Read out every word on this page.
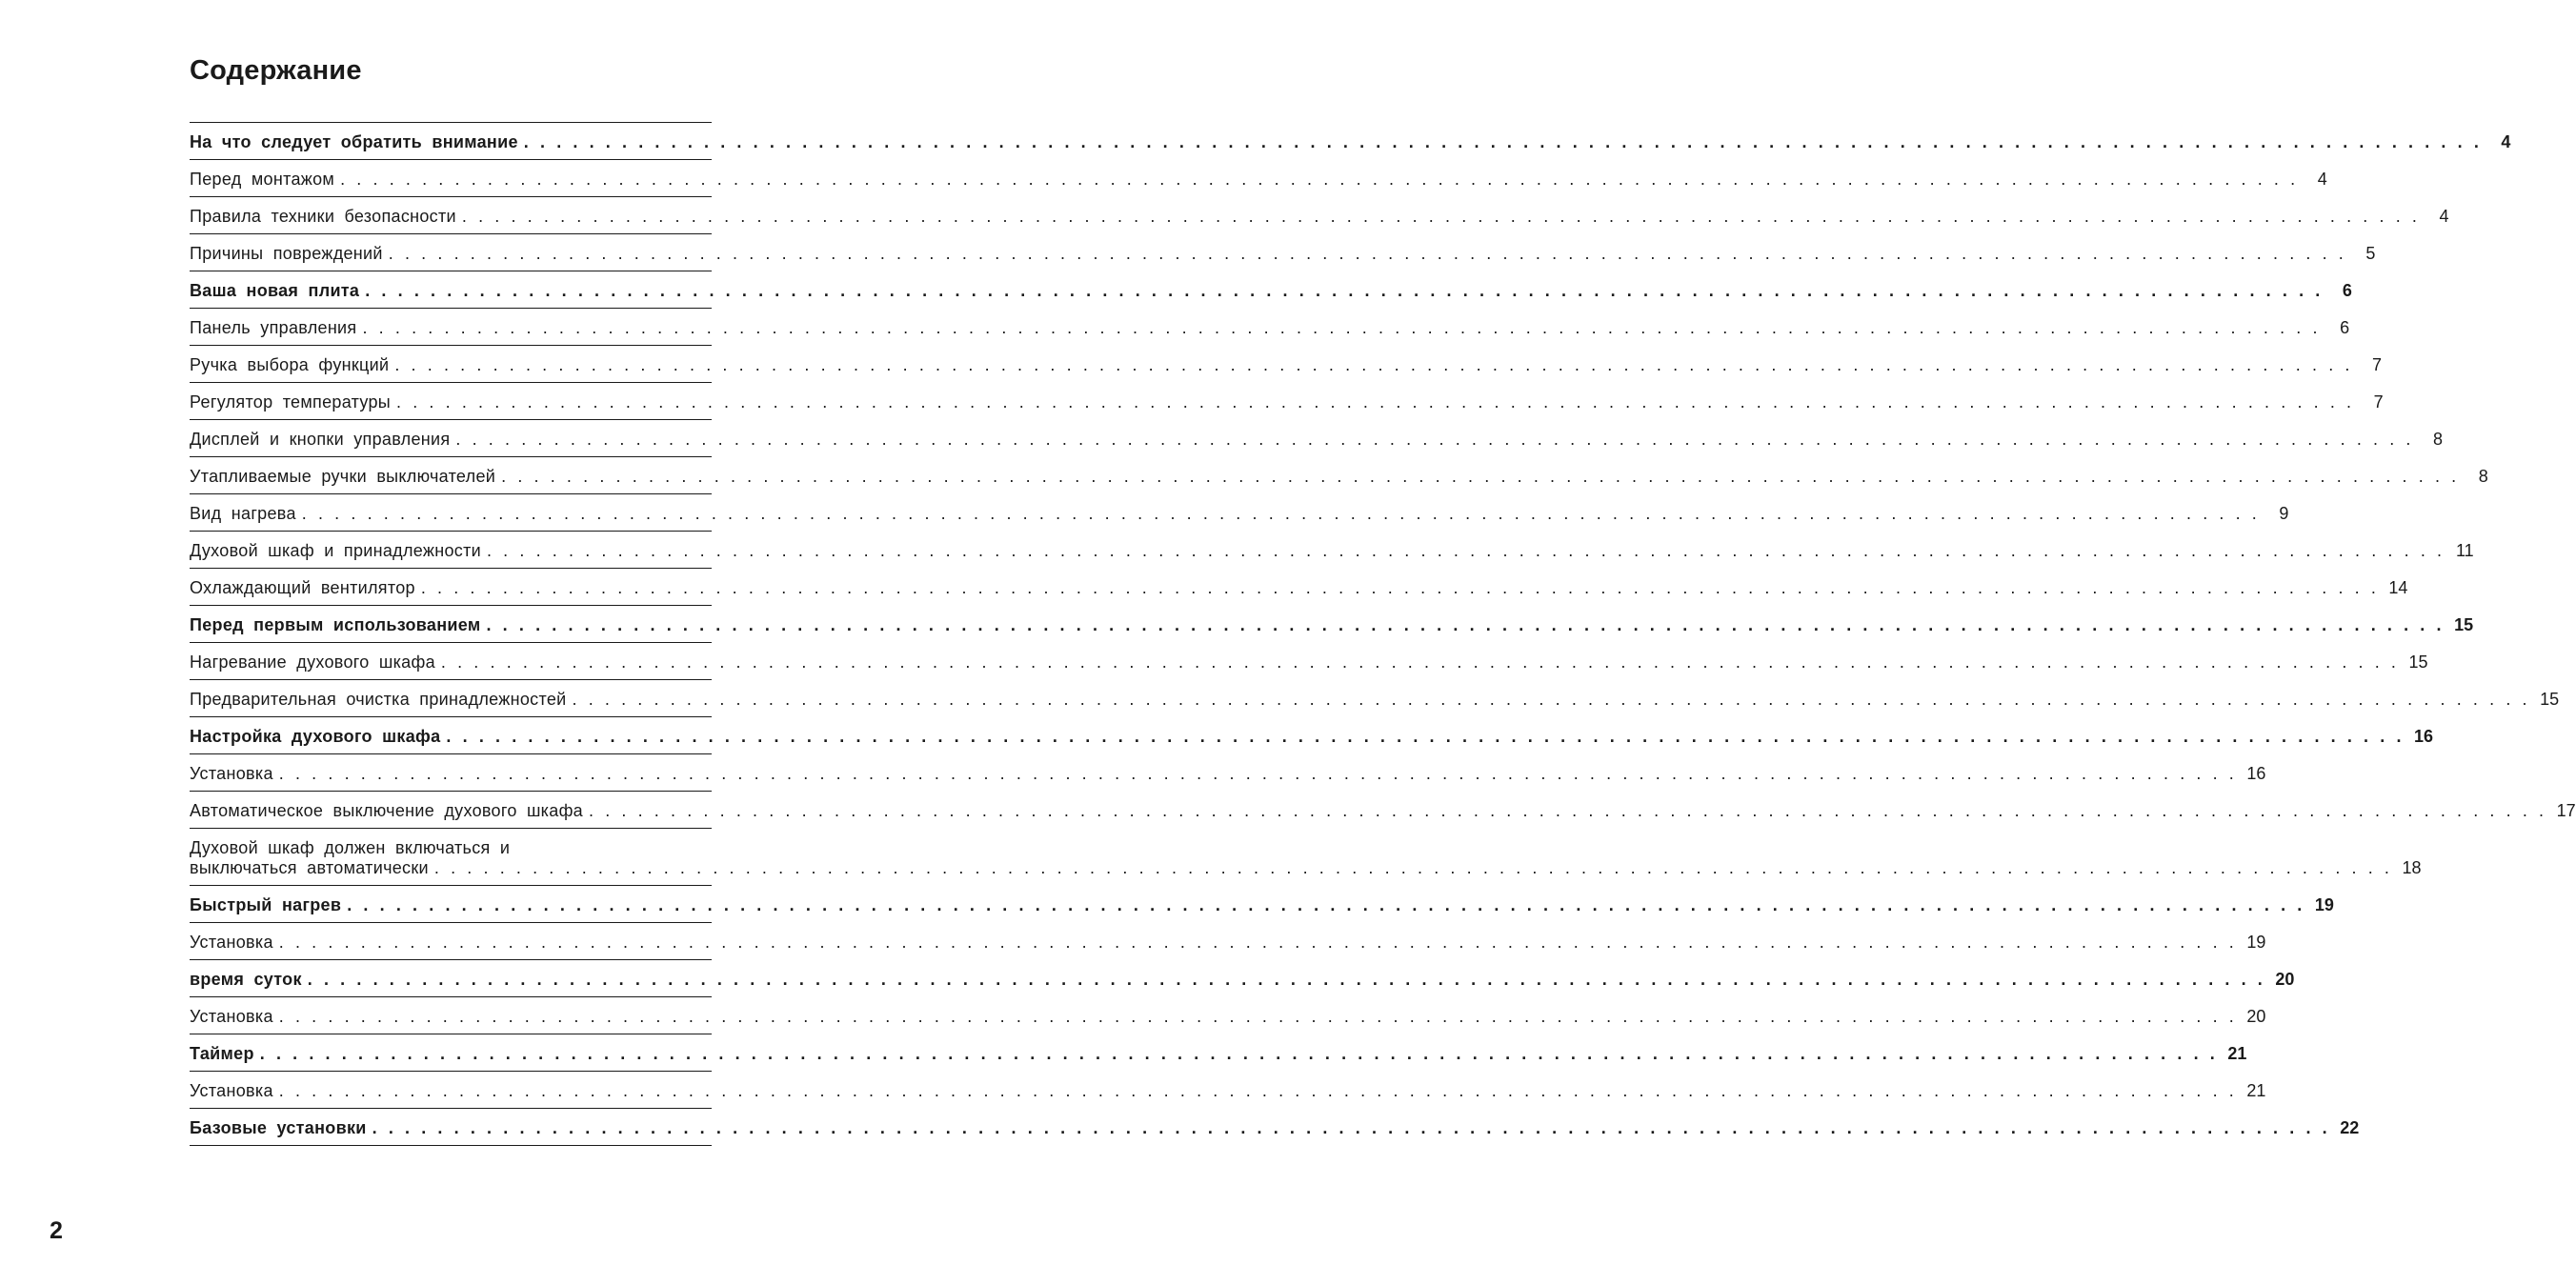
Содержание
На что следует обратить внимание . . . . . . . . . . . . . . . . . . . . . . . . . . . . . . . . . . . . . . . . . . . . . . . . . . . . . . . . . . . . . . . . . . . . . . . . . . . . . . . . . . . . . . . . . . . . . . . . . . . . . . . . . . . . . . . . . . . . . . . .	4
Перед монтажом . . . . . . . . . . . . . . . . . . . . . . . . . . . . . . . . . . . . . . . . . . . . . . . . . . . . . . . . . . . . . . . . . . . . . . . . . . . . . . . . . . . . . . . . . . . . . . . . . . . . . . . . . . . . . . . . . . . . . . . .	4
Правила техники безопасности . . . . . . . . . . . . . . . . . . . . . . . . . . . . . . . . . . . . . . . . . . . . . . . . . . . . . . . . . . . . . . . . . . . . . . . . . . . . . . . . . . . . . . . . . . . . . . . . . . . . . . . . . . . . . . . . . . . . . . . .	4
Причины повреждений . . . . . . . . . . . . . . . . . . . . . . . . . . . . . . . . . . . . . . . . . . . . . . . . . . . . . . . . . . . . . . . . . . . . . . . . . . . . . . . . . . . . . . . . . . . . . . . . . . . . . . . . . . . . . . . . . . . . . . . .	5
Ваша новая плита . . . . . . . . . . . . . . . . . . . . . . . . . . . . . . . . . . . . . . . . . . . . . . . . . . . . . . . . . . . . . . . . . . . . . . . . . . . . . . . . . . . . . . . . . . . . . . . . . . . . . . . . . . . . . . . . . . . . . . . .	6
Панель управления . . . . . . . . . . . . . . . . . . . . . . . . . . . . . . . . . . . . . . . . . . . . . . . . . . . . . . . . . . . . . . . . . . . . . . . . . . . . . . . . . . . . . . . . . . . . . . . . . . . . . . . . . . . . . . . . . . . . . . . .	6
Ручка выбора функций . . . . . . . . . . . . . . . . . . . . . . . . . . . . . . . . . . . . . . . . . . . . . . . . . . . . . . . . . . . . . . . . . . . . . . . . . . . . . . . . . . . . . . . . . . . . . . . . . . . . . . . . . . . . . . . . . . . . . . . .	7
Регулятор температуры . . . . . . . . . . . . . . . . . . . . . . . . . . . . . . . . . . . . . . . . . . . . . . . . . . . . . . . . . . . . . . . . . . . . . . . . . . . . . . . . . . . . . . . . . . . . . . . . . . . . . . . . . . . . . . . . . . . . . . . .	7
Дисплей и кнопки управления . . . . . . . . . . . . . . . . . . . . . . . . . . . . . . . . . . . . . . . . . . . . . . . . . . . . . . . . . . . . . . . . . . . . . . . . . . . . . . . . . . . . . . . . . . . . . . . . . . . . . . . . . . . . . . . . . . . . . . . .	8
Утапливаемые ручки выключателей . . . . . . . . . . . . . . . . . . . . . . . . . . . . . . . . . . . . . . . . . . . . . . . . . . . . . . . . . . . . . . . . . . . . . . . . . . . . . . . . . . . . . . . . . . . . . . . . . . . . . . . . . . . . . . . . . . . . . . . .	8
Вид нагрева . . . . . . . . . . . . . . . . . . . . . . . . . . . . . . . . . . . . . . . . . . . . . . . . . . . . . . . . . . . . . . . . . . . . . . . . . . . . . . . . . . . . . . . . . . . . . . . . . . . . . . . . . . . . . . . . . . . . . . . .	9
Духовой шкаф и принадлежности . . . . . . . . . . . . . . . . . . . . . . . . . . . . . . . . . . . . . . . . . . . . . . . . . . . . . . . . . . . . . . . . . . . . . . . . . . . . . . . . . . . . . . . . . . . . . . . . . . . . . . . . . . . . . . . . . . . . . . . . 11
Охлаждающий вентилятор . . . . . . . . . . . . . . . . . . . . . . . . . . . . . . . . . . . . . . . . . . . . . . . . . . . . . . . . . . . . . . . . . . . . . . . . . . . . . . . . . . . . . . . . . . . . . . . . . . . . . . . . . . . . . . . . . . . . . . . . 14
Перед первым использованием . . . . . . . . . . . . . . . . . . . . . . . . . . . . . . . . . . . . . . . . . . . . . . . . . . . . . . . . . . . . . . . . . . . . . . . . . . . . . . . . . . . . . . . . . . . . . . . . . . . . . . . . . . . . . . . . . . . . . . . . 15
Нагревание духового шкафа . . . . . . . . . . . . . . . . . . . . . . . . . . . . . . . . . . . . . . . . . . . . . . . . . . . . . . . . . . . . . . . . . . . . . . . . . . . . . . . . . . . . . . . . . . . . . . . . . . . . . . . . . . . . . . . . . . . . . . . . 15
Предварительная очистка принадлежностей . . . . . . . . . . . . . . . . . . . . . . . . . . . . . . . . . . . . . . . . . . . . . . . . . . . . . . . . . . . . . . . . . . . . . . . . . . . . . . . . . . . . . . . . . . . . . . . . . . . . . . . . . . . . . . . . . . . . . . . . 15
Настройка духового шкафа . . . . . . . . . . . . . . . . . . . . . . . . . . . . . . . . . . . . . . . . . . . . . . . . . . . . . . . . . . . . . . . . . . . . . . . . . . . . . . . . . . . . . . . . . . . . . . . . . . . . . . . . . . . . . . . . . . . . . . . . 16
Установка . . . . . . . . . . . . . . . . . . . . . . . . . . . . . . . . . . . . . . . . . . . . . . . . . . . . . . . . . . . . . . . . . . . . . . . . . . . . . . . . . . . . . . . . . . . . . . . . . . . . . . . . . . . . . . . . . . . . . . . . 16
Автоматическое выключение духового шкафа . . . . . . . . . . . . . . . . . . . . . . . . . . . . . . . . . . . . . . . . . . . . . . . . . . . . . . . . . . . . . . . . . . . . . . . . . . . . . . . . . . . . . . . . . . . . . . . . . . . . . . . . . . . . . . . . . . . . . . . . 17
Духовой шкаф должен включаться и
выключаться автоматически . . . . . . . . . . . . . . . . . . . . . . . . . . . . . . . . . . . . . . . . . . . . . . . . . . . . . . . . . . . . . . . . . . . . . . . . . . . . . . . . . . . . . . . . . . . . . . . . . . . . . . . . . . . . . . . . . . . . . . . . 18
Быстрый нагрев . . . . . . . . . . . . . . . . . . . . . . . . . . . . . . . . . . . . . . . . . . . . . . . . . . . . . . . . . . . . . . . . . . . . . . . . . . . . . . . . . . . . . . . . . . . . . . . . . . . . . . . . . . . . . . . . . . . . . . . . 19
Установка . . . . . . . . . . . . . . . . . . . . . . . . . . . . . . . . . . . . . . . . . . . . . . . . . . . . . . . . . . . . . . . . . . . . . . . . . . . . . . . . . . . . . . . . . . . . . . . . . . . . . . . . . . . . . . . . . . . . . . . . 19
время суток . . . . . . . . . . . . . . . . . . . . . . . . . . . . . . . . . . . . . . . . . . . . . . . . . . . . . . . . . . . . . . . . . . . . . . . . . . . . . . . . . . . . . . . . . . . . . . . . . . . . . . . . . . . . . . . . . . . . . . . . 20
Установка . . . . . . . . . . . . . . . . . . . . . . . . . . . . . . . . . . . . . . . . . . . . . . . . . . . . . . . . . . . . . . . . . . . . . . . . . . . . . . . . . . . . . . . . . . . . . . . . . . . . . . . . . . . . . . . . . . . . . . . . 20
Таймер . . . . . . . . . . . . . . . . . . . . . . . . . . . . . . . . . . . . . . . . . . . . . . . . . . . . . . . . . . . . . . . . . . . . . . . . . . . . . . . . . . . . . . . . . . . . . . . . . . . . . . . . . . . . . . . . . . . . . . . . 21
Установка . . . . . . . . . . . . . . . . . . . . . . . . . . . . . . . . . . . . . . . . . . . . . . . . . . . . . . . . . . . . . . . . . . . . . . . . . . . . . . . . . . . . . . . . . . . . . . . . . . . . . . . . . . . . . . . . . . . . . . . . 21
Базовые установки . . . . . . . . . . . . . . . . . . . . . . . . . . . . . . . . . . . . . . . . . . . . . . . . . . . . . . . . . . . . . . . . . . . . . . . . . . . . . . . . . . . . . . . . . . . . . . . . . . . . . . . . . . . . . . . . . . . . . . . . 22
2
